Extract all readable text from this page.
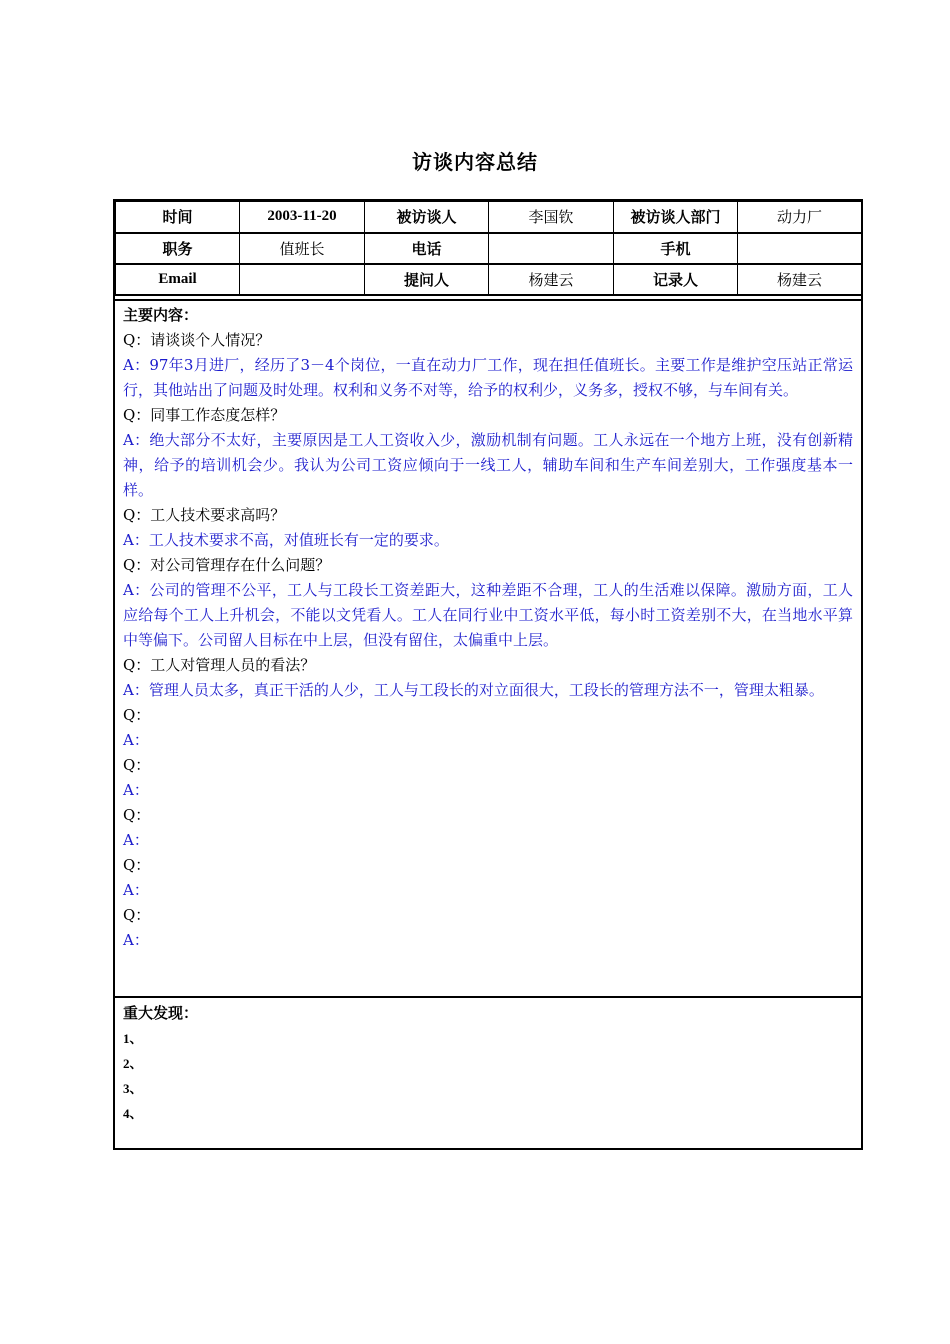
访谈内容总结
时间	2003-11-20	被访谈人	李国钦	被访谈人部门	动力厂
职务	值班长	电话		手机	
Email		提问人	杨建云	记录人	杨建云
主要内容：
Q：请谈谈个人情况？
A：97年3月进厂，经历了3－4个岗位，一直在动力厂工作，现在担任值班长。主要工作是维护空压站正常运行，其他站出了问题及时处理。权利和义务不对等，给予的权利少，义务多，授权不够，与车间有关。
Q：同事工作态度怎样？
A：绝大部分不太好，主要原因是工人工资收入少，激励机制有问题。工人永远在一个地方上班，没有创新精神，给予的培训机会少。我认为公司工资应倾向于一线工人，辅助车间和生产车间差别大，工作强度基本一样。
Q：工人技术要求高吗？
A：工人技术要求不高，对值班长有一定的要求。
Q：对公司管理存在什么问题？
A：公司的管理不公平，工人与工段长工资差距大，这种差距不合理，工人的生活难以保障。激励方面，工人应给每个工人上升机会，不能以文凭看人。工人在同行业中工资水平低，每小时工资差别不大，在当地水平算中等偏下。公司留人目标在中上层，但没有留住，太偏重中上层。
Q：工人对管理人员的看法？
A：管理人员太多，真正干活的人少，工人与工段长的对立面很大，工段长的管理方法不一，管理太粗暴。
Q：
A：
Q：
A：
Q：
A：
Q：
A：
Q：
A：
重大发现：
1、
2、
3、
4、
